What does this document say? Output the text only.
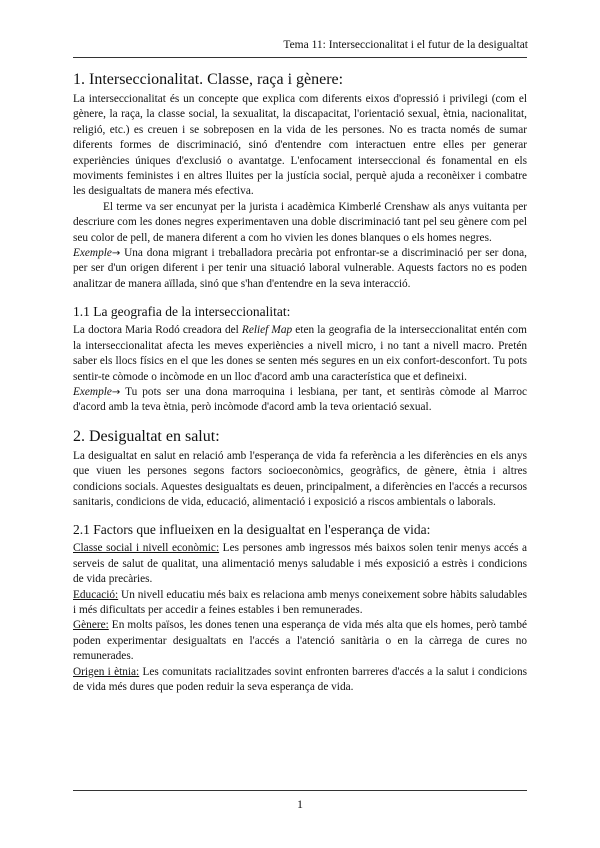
Tema 11: Interseccionalitat i el futur de la desigualtat
1. Interseccionalitat. Classe, raça i gènere:

La interseccionalitat és un concepte que explica com diferents eixos d'opressió i privilegi (com el gènere, la raça, la classe social, la sexualitat, la discapacitat, l'orientació sexual, ètnia, nacionalitat, religió, etc.) es creuen i se sobreposen en la vida de les persones. No es tracta només de sumar diferents formes de discriminació, sinó d'entendre com interactuen entre elles per generar experiències úniques d'exclusió o avantatge. L'enfocament interseccional és fonamental en els moviments feministes i en altres lluites per la justícia social, perquè ajuda a reconèixer i combatre les desigualtats de manera més efectiva.

El terme va ser encunyat per la jurista i acadèmica Kimberlé Crenshaw als anys vuitanta per descriure com les dones negres experimentaven una doble discriminació tant pel seu gènere com pel seu color de pell, de manera diferent a com ho vivien les dones blanques o els homes negres.

Exemple→ Una dona migrant i treballadora precària pot enfrontar-se a discriminació per ser dona, per ser d'un origen diferent i per tenir una situació laboral vulnerable. Aquests factors no es poden analitzar de manera aïllada, sinó que s'han d'entendre en la seva interacció.

1.1 La geografia de la interseccionalitat:

La doctora Maria Rodó creadora del Relief Map eten la geografia de la interseccionalitat entén com la interseccionalitat afecta les meves experiències a nivell micro, i no tant a nivell macro. Pretén saber els llocs físics en el que les dones se senten més segures en un eix confort-desconfort. Tu pots sentir-te còmode o incòmode en un lloc d'acord amb una característica que et defineixi.

Exemple→ Tu pots ser una dona marroquina i lesbiana, per tant, et sentiràs còmode al Marroc d'acord amb la teva ètnia, però incòmode d'acord amb la teva orientació sexual.

2. Desigualtat en salut:

La desigualtat en salut en relació amb l'esperança de vida fa referència a les diferències en els anys que viuen les persones segons factors socioeconòmics, geogràfics, de gènere, ètnia i altres condicions socials. Aquestes desigualtats es deuen, principalment, a diferències en l'accés a recursos sanitaris, condicions de vida, educació, alimentació i exposició a riscos ambientals o laborals.

2.1 Factors que influeixen en la desigualtat en l'esperança de vida:

Classe social i nivell econòmic: Les persones amb ingressos més baixos solen tenir menys accés a serveis de salut de qualitat, una alimentació menys saludable i més exposició a estrès i condicions de vida precàries.

Educació: Un nivell educatiu més baix es relaciona amb menys coneixement sobre hàbits saludables i més dificultats per accedir a feines estables i ben remunerades.

Gènere: En molts països, les dones tenen una esperança de vida més alta que els homes, però també poden experimentar desigualtats en l'accés a l'atenció sanitària o en la càrrega de cures no remunerades.

Origen i ètnia: Les comunitats racialitzades sovint enfronten barreres d'accés a la salut i condicions de vida més dures que poden reduir la seva esperança de vida.

1
